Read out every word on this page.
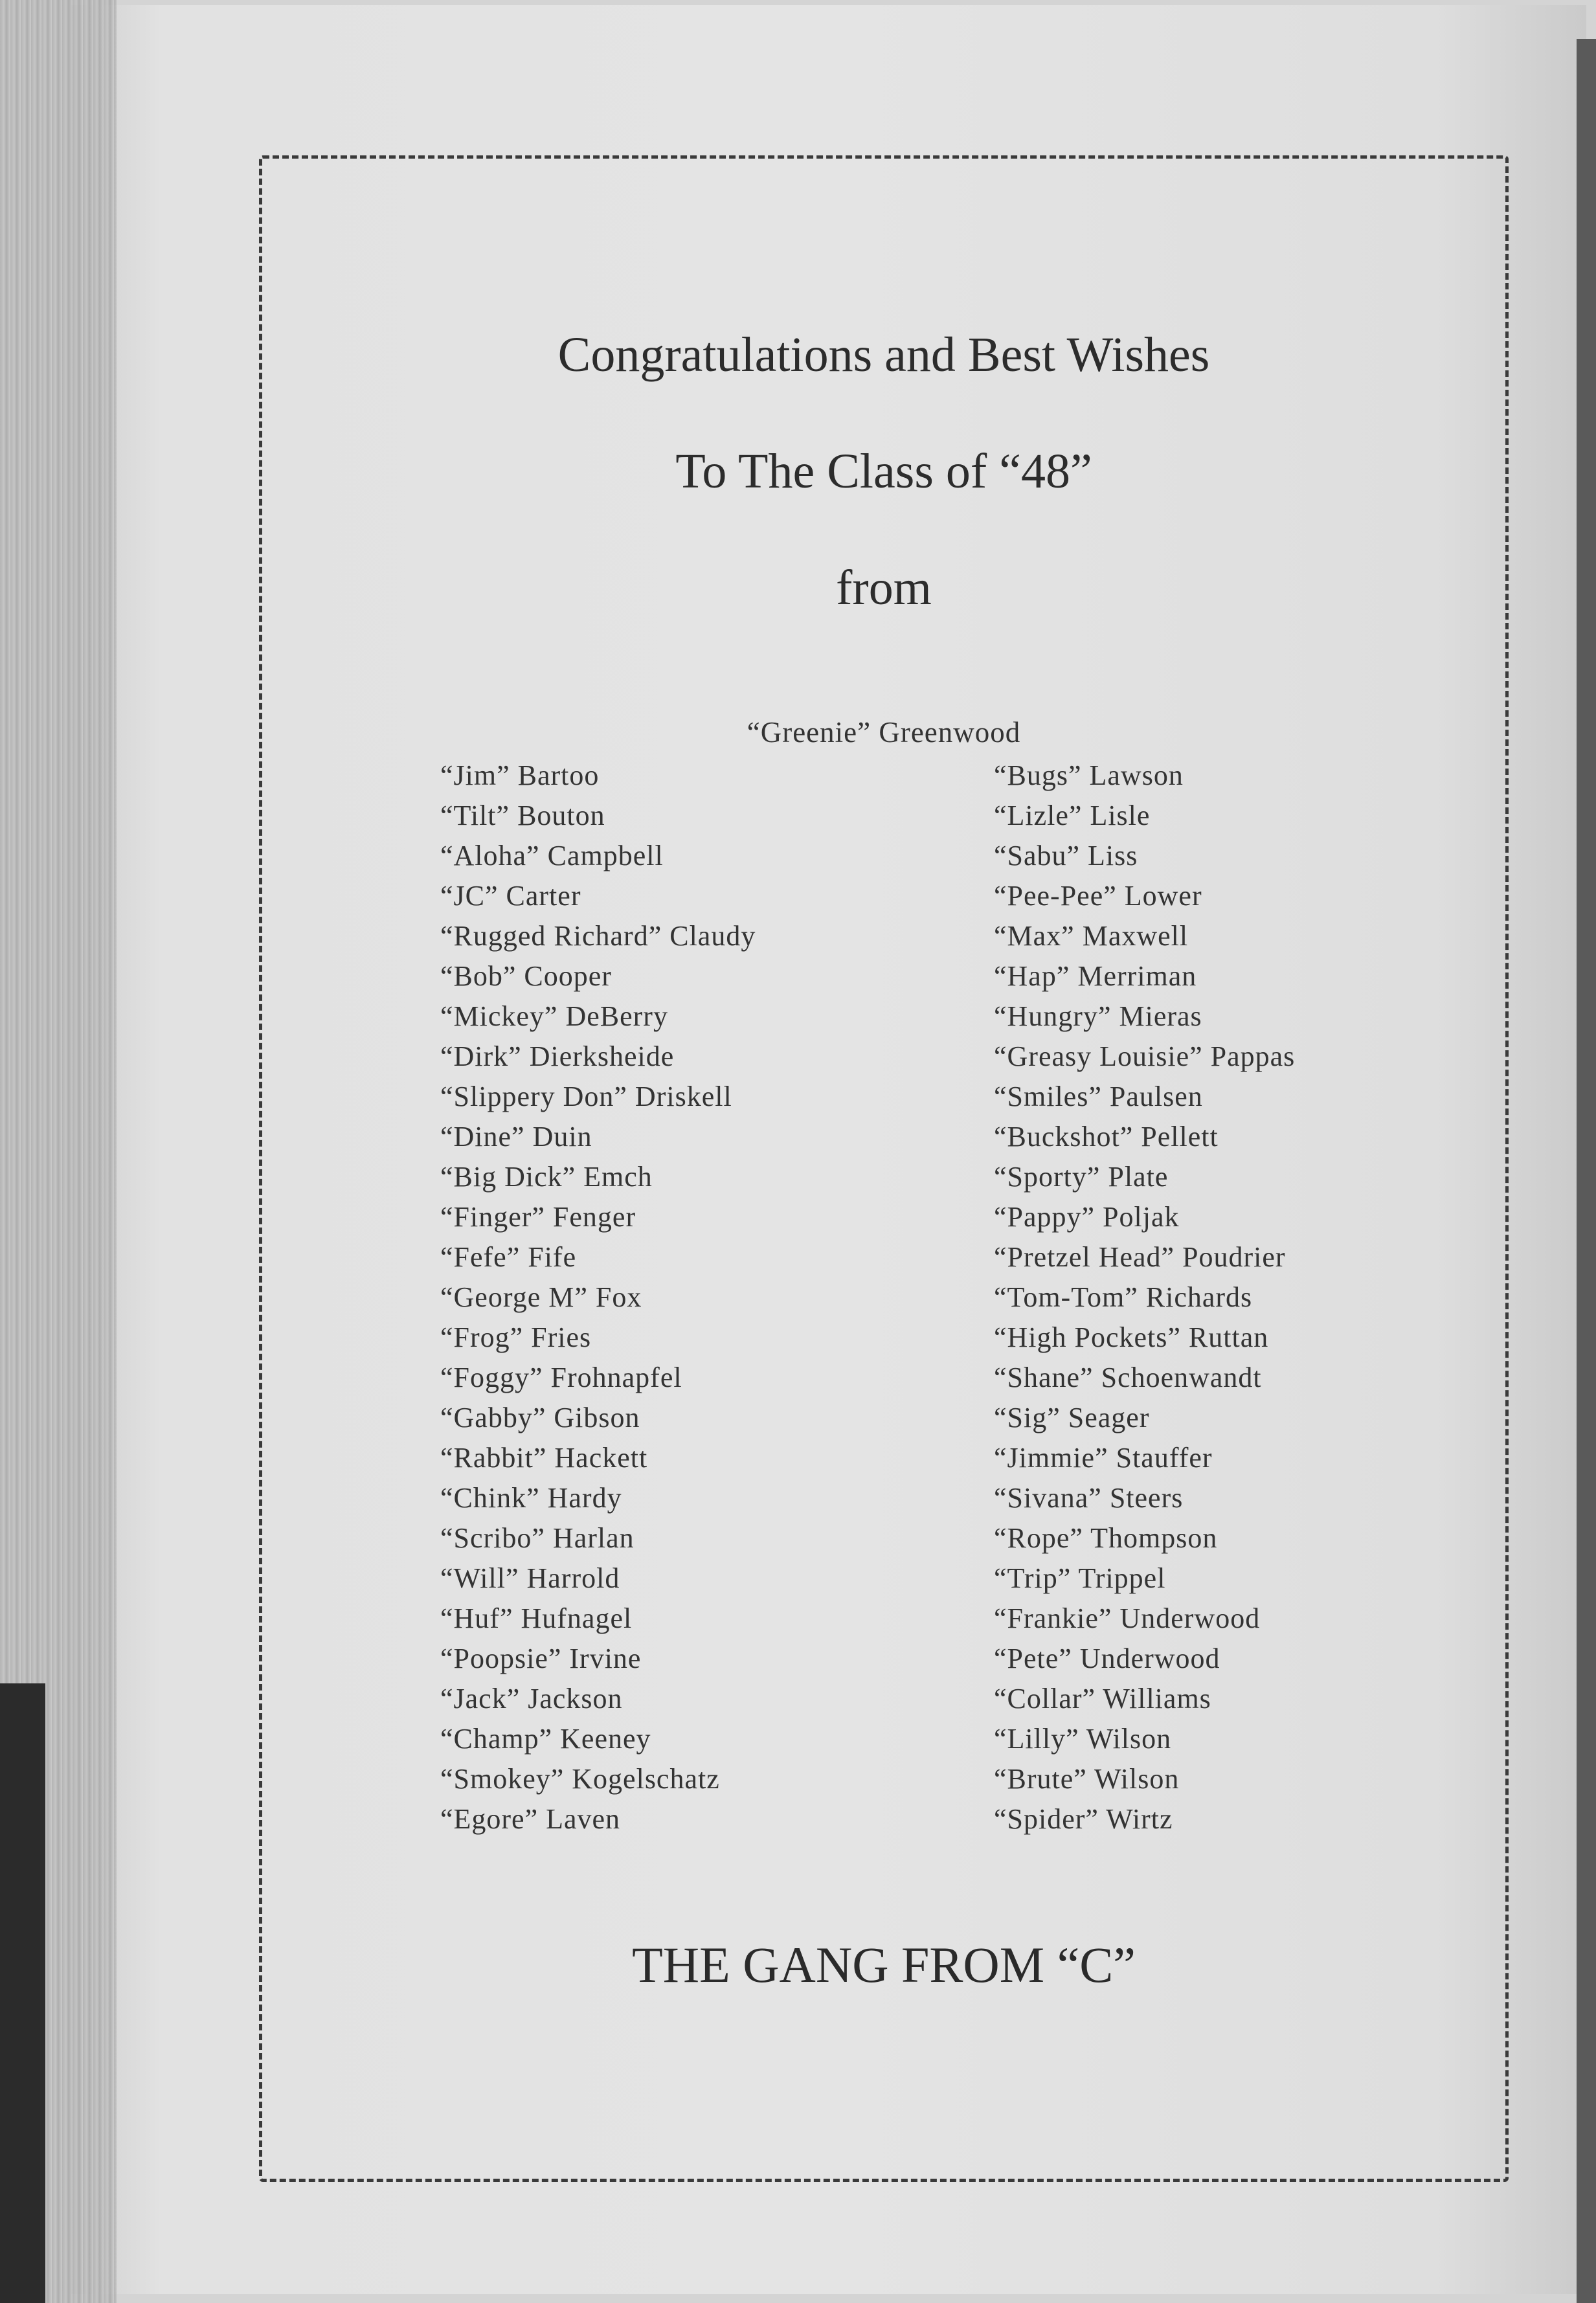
Congratulations and Best Wishes
To The Class of “48”
from
“Greenie” Greenwood
“Jim” Bartoo
“Tilt” Bouton
“Aloha” Campbell
“JC” Carter
“Rugged Richard” Claudy
“Bob” Cooper
“Mickey” DeBerry
“Dirk” Dierksheide
“Slippery Don” Driskell
“Dine” Duin
“Big Dick” Emch
“Finger” Fenger
“Fefe” Fife
“George M” Fox
“Frog” Fries
“Foggy” Frohnapfel
“Gabby” Gibson
“Rabbit” Hackett
“Chink” Hardy
“Scribo” Harlan
“Will” Harrold
“Huf” Hufnagel
“Poopsie” Irvine
“Jack” Jackson
“Champ” Keeney
“Smokey” Kogelschatz
“Egore” Laven
“Bugs” Lawson
“Lizle” Lisle
“Sabu” Liss
“Pee-Pee” Lower
“Max” Maxwell
“Hap” Merriman
“Hungry” Mieras
“Greasy Louisie” Pappas
“Smiles” Paulsen
“Buckshot” Pellett
“Sporty” Plate
“Pappy” Poljak
“Pretzel Head” Poudrier
“Tom-Tom” Richards
“High Pockets” Ruttan
“Shane” Schoenwandt
“Sig” Seager
“Jimmie” Stauffer
“Sivana” Steers
“Rope” Thompson
“Trip” Trippel
“Frankie” Underwood
“Pete” Underwood
“Collar” Williams
“Lilly” Wilson
“Brute” Wilson
“Spider” Wirtz
THE GANG FROM “C”
